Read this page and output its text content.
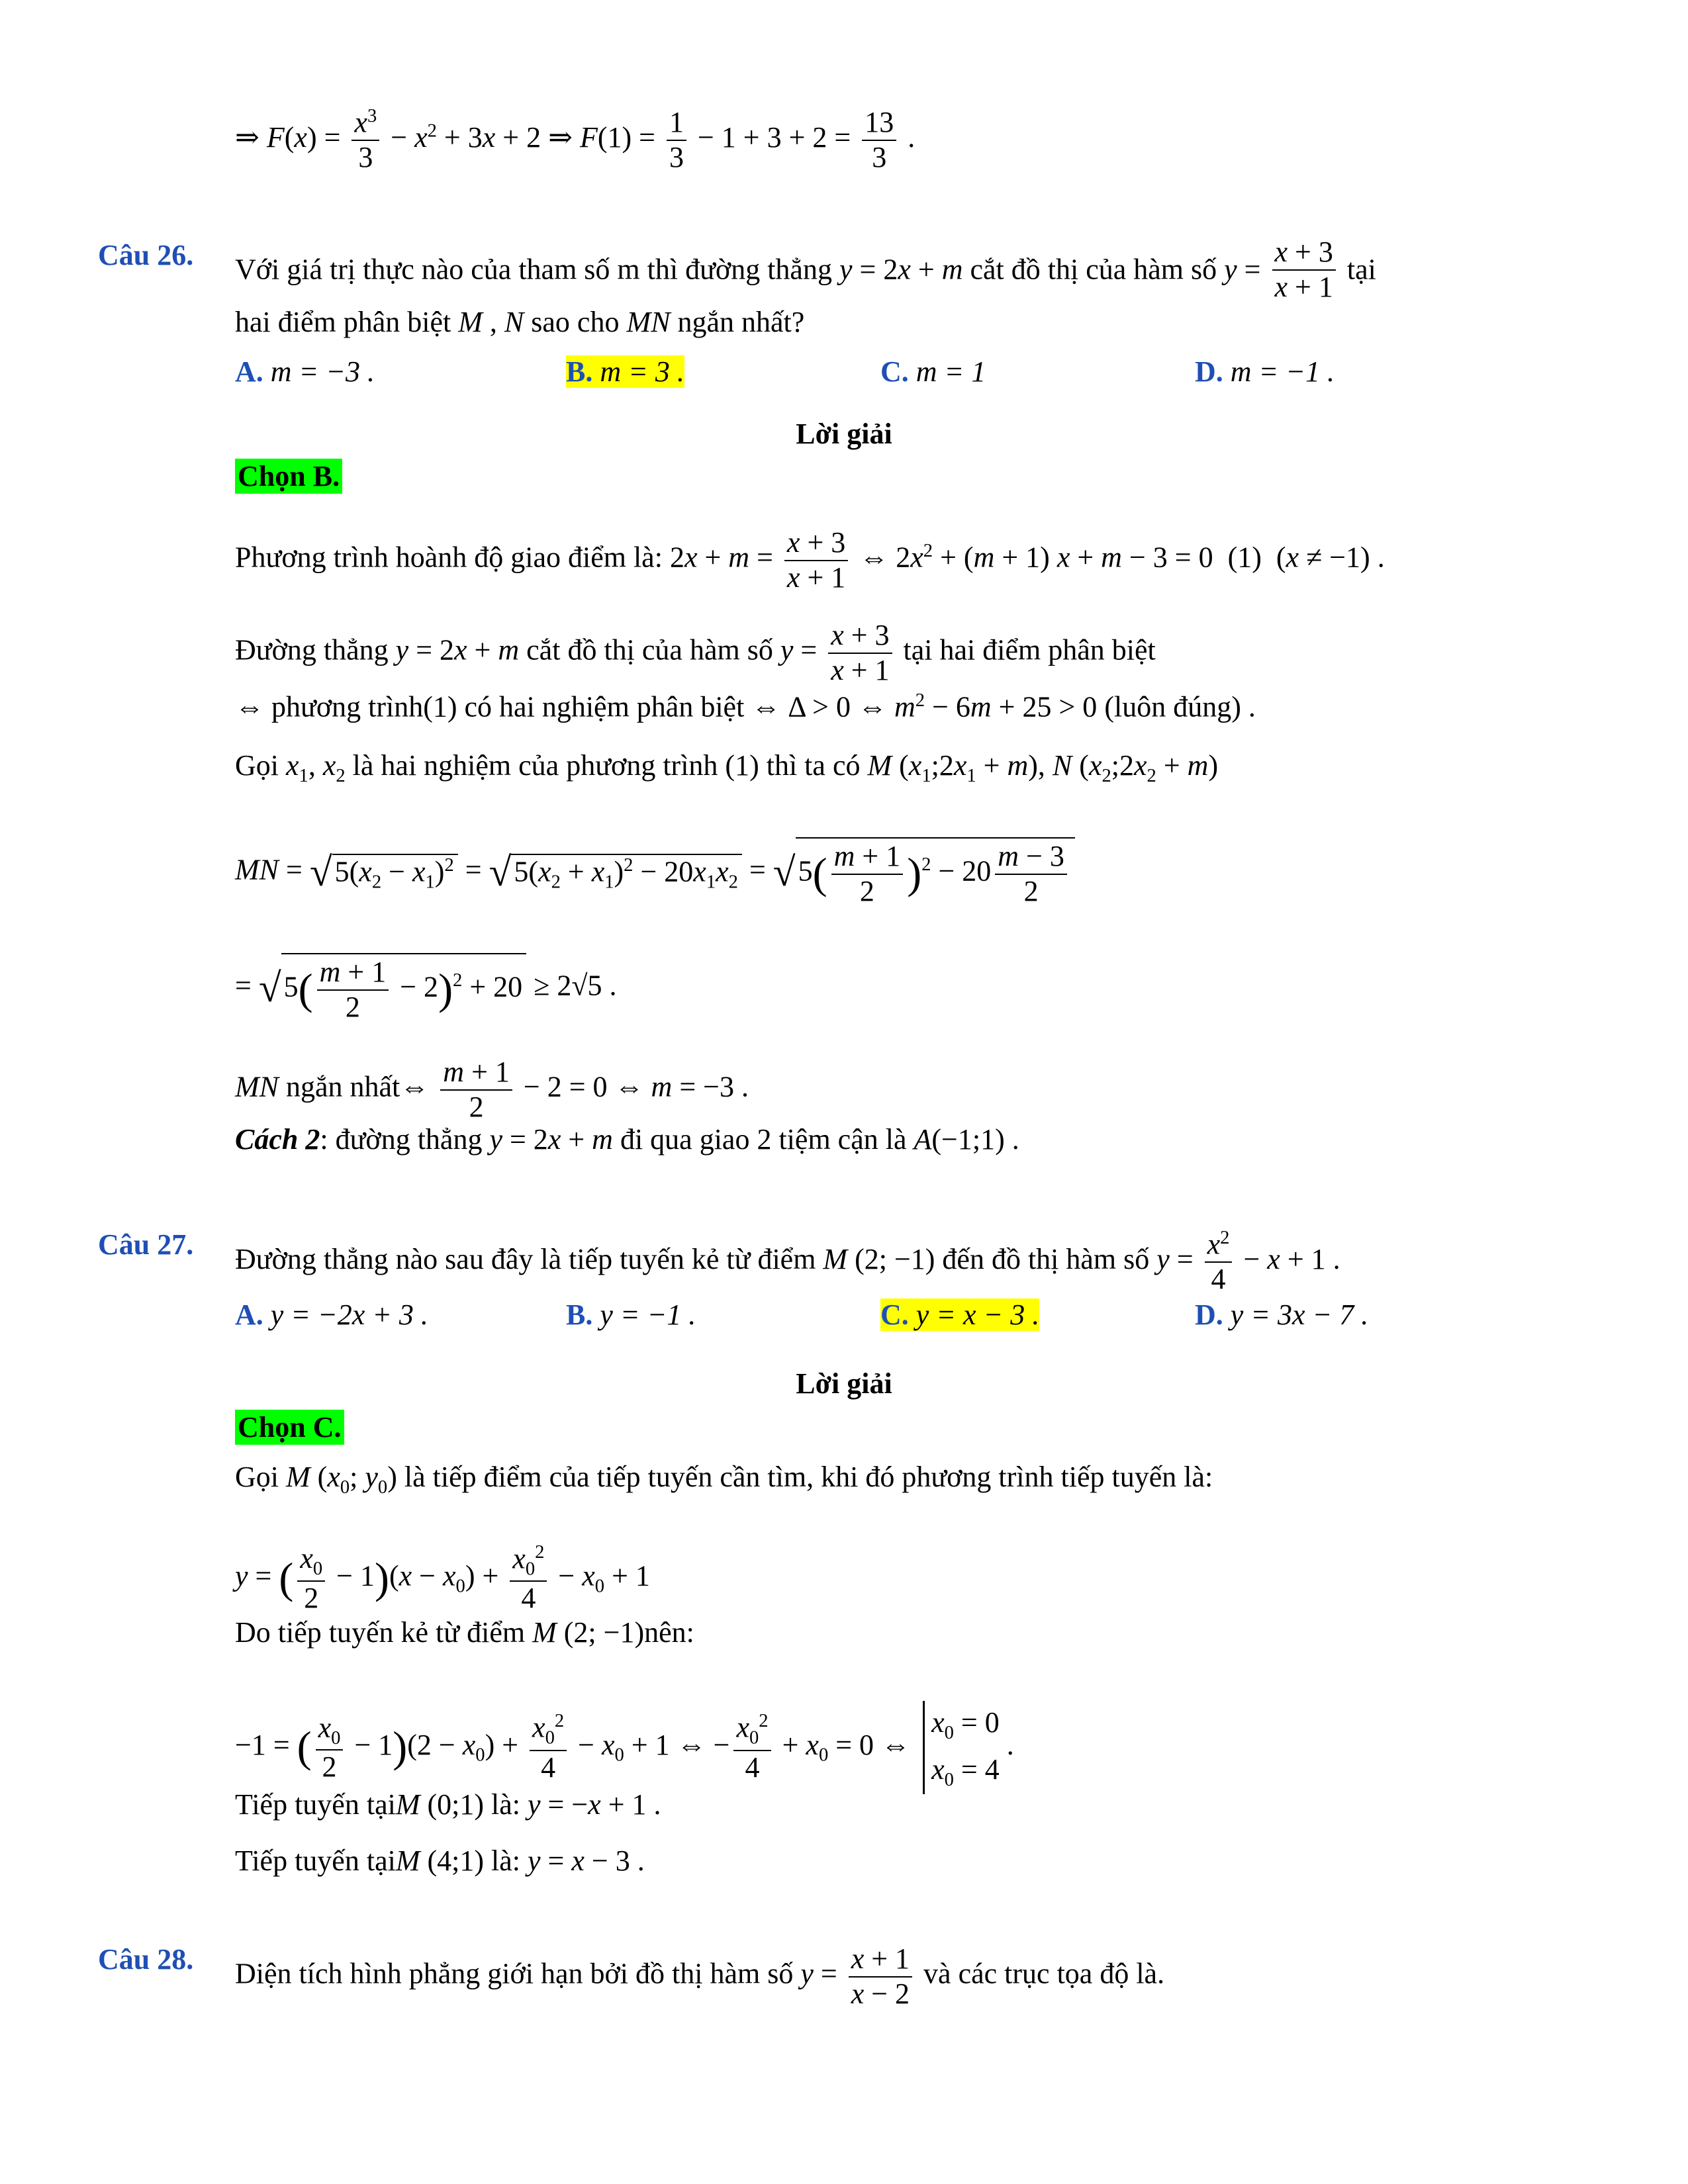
⇒ $F(x) = \frac{x^3}{3} - x^2 + 3x + 2$ ⇒ $F(1) = \frac{1}{3} - 1 + 3 + 2 = \frac{13}{3}$ .
Câu 26. Với giá trị thực nào của tham số m thì đường thẳng y = 2x + m cắt đồ thị của hàm số $y = \frac{x + 3}{x + 1}$ tại
hai điểm phân biệt M , N sao cho MN ngắn nhất?
A. m = −3 .	B. m = 3 .	C. m = 1	D. m = −1 .
Lời giải
Chọn B.
Phương trình hoành độ giao điểm là: $2x + m = \frac{x + 3}{x + 1}$ ⇔ $2x^2 + (m + 1) x + m - 3 = 0$  (1)  (x ≠ −1) .
Đường thẳng y = 2x + m cắt đồ thị của hàm số $y = \frac{x + 3}{x + 1}$ tại hai điểm phân biệt
⇔ phương trình(1) có hai nghiệm phân biệt ⇔ Δ > 0 ⇔ $m^2 - 6m + 25 > 0$ (luôn đúng) .
Gọi $x_1$, $x_2$ là hai nghiệm của phương trình (1) thì ta có M $(x_1;2x_1 + m)$, N $(x_2;2x_2 + m)$
MN = $√5(x_2 - x_1)^2 = √5(x_2 + x_1)^2 - 20x_1x_2 = √5( \frac{m + 1}{2} )^2 - 20 \frac{m - 3}{2}$
= $√5( \frac{m + 1}{2} - 2)^2 + 20 \ge 2√5$ .
MN ngắn nhất⇔ $\frac{m + 1}{2} - 2 = 0$ ⇔ m = −3 .
Cách 2: đường thẳng y = 2x + m đi qua giao 2 tiệm cận là A(−1;1) .
Câu 27. Đường thẳng nào sau đây là tiếp tuyến kẻ từ điểm M (2; −1) đến đồ thị hàm số $y = \frac{x^2}{4} - x + 1$ .
A. y = −2x + 3 .	B. y = −1 .	C. y = x − 3 .	D. y = 3x − 7 .
Lời giải
Chọn C.
Gọi M ($x_0$; $y_0$) là tiếp điểm của tiếp tuyến cần tìm, khi đó phương trình tiếp tuyến là:
y = ( $\frac{x_0}{2} - 1)(x - x_0) + \frac{x_0^2}{4} - x_0 + 1$
Do tiếp tuyến kẻ từ điểm M (2; −1)nên:
−1 = ( $\frac{x_0}{2} - 1)(2 - x_0) + \frac{x_0^2}{4} - x_0 + 1$ ⇔ − $\frac{x_0^2}{4} + x_0 = 0$ ⇔
$x_0 = 0$
$x_0 = 4$
.
Tiếp tuyến tạiM (0;1) là: y = −x + 1 .
Tiếp tuyến tạiM (4;1) là: y = x − 3 .
Câu 28. Diện tích hình phẳng giới hạn bởi đồ thị hàm số $y = \frac{x + 1}{x - 2}$ và các trục tọa độ là.
